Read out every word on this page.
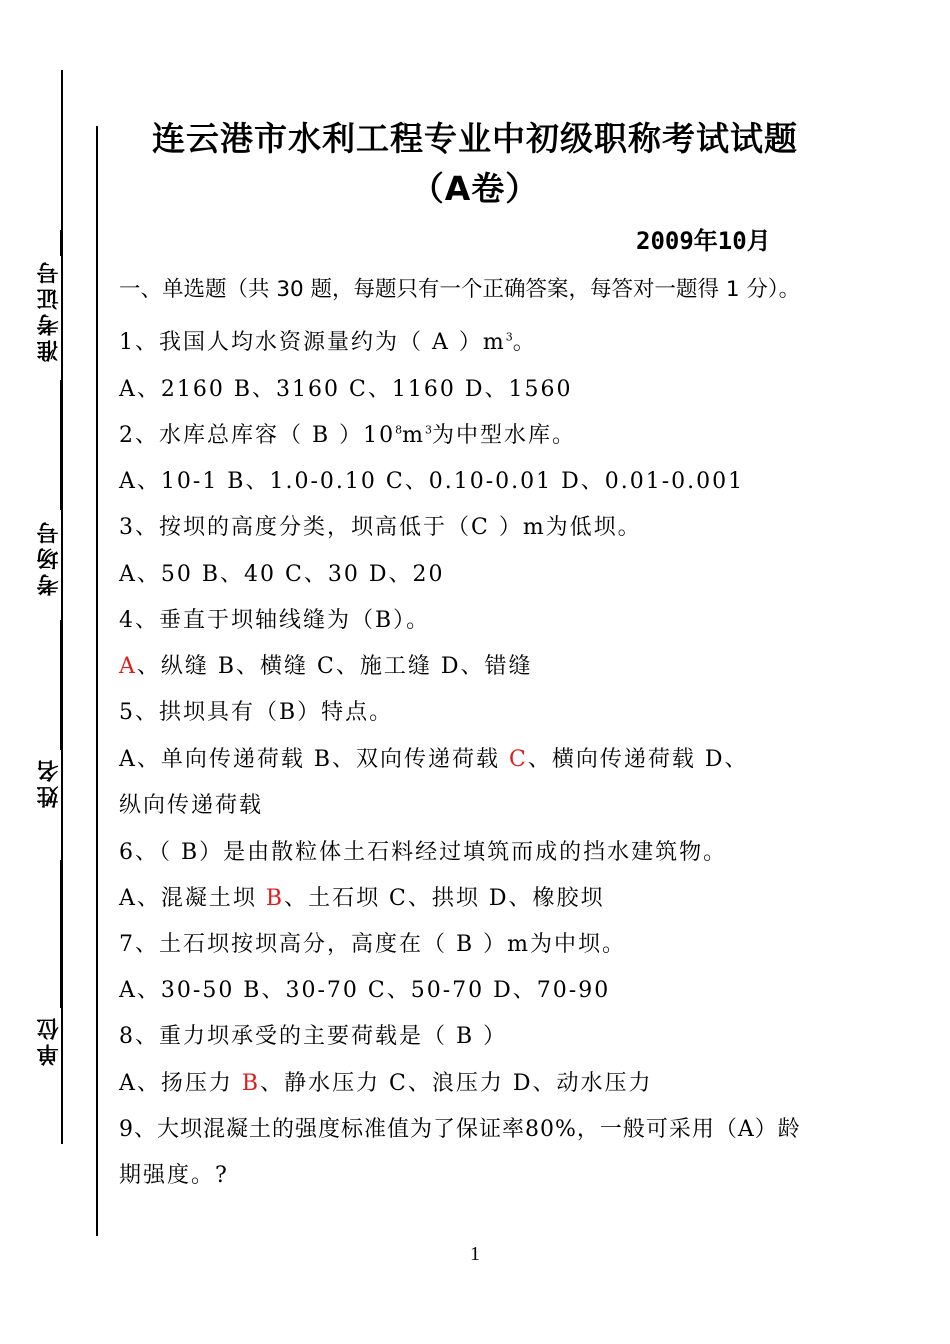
准考证号
考场号
姓名
单位
连云港市水利工程专业中初级职称考试试题
（A卷）
2009年10月
一、单选题（共 30 题，每题只有一个正确答案，每答对一题得 1 分）。
1、我国人均水资源量约为（ A ）$m^3$。
A、2160 B、3160 C、1160 D、1560
2、水库总库容（ B ）$10^8m^3$为中型水库。
A、10-1 B、1.0-0.10 C、0.10-0.01 D、0.01-0.001
3、按坝的高度分类，坝高低于（C ）m为低坝。
A、50 B、40 C、30 D、20
4、垂直于坝轴线缝为（B）。
A、纵缝 B、横缝 C、施工缝 D、错缝
5、拱坝具有（B）特点。
A、单向传递荷载 B、双向传递荷载 C、横向传递荷载 D、
纵向传递荷载
6、（ B）是由散粒体土石料经过填筑而成的挡水建筑物。
A、混凝土坝 B、土石坝 C、拱坝 D、橡胶坝
7、土石坝按坝高分，高度在（ B ）m为中坝。
A、30-50 B、30-70 C、50-70 D、70-90
8、重力坝承受的主要荷载是（ B ）
A、扬压力 B、静水压力 C、浪压力 D、动水压力
9、大坝混凝土的强度标准值为了保证率80%，一般可采用（A）龄
期强度。?
1
